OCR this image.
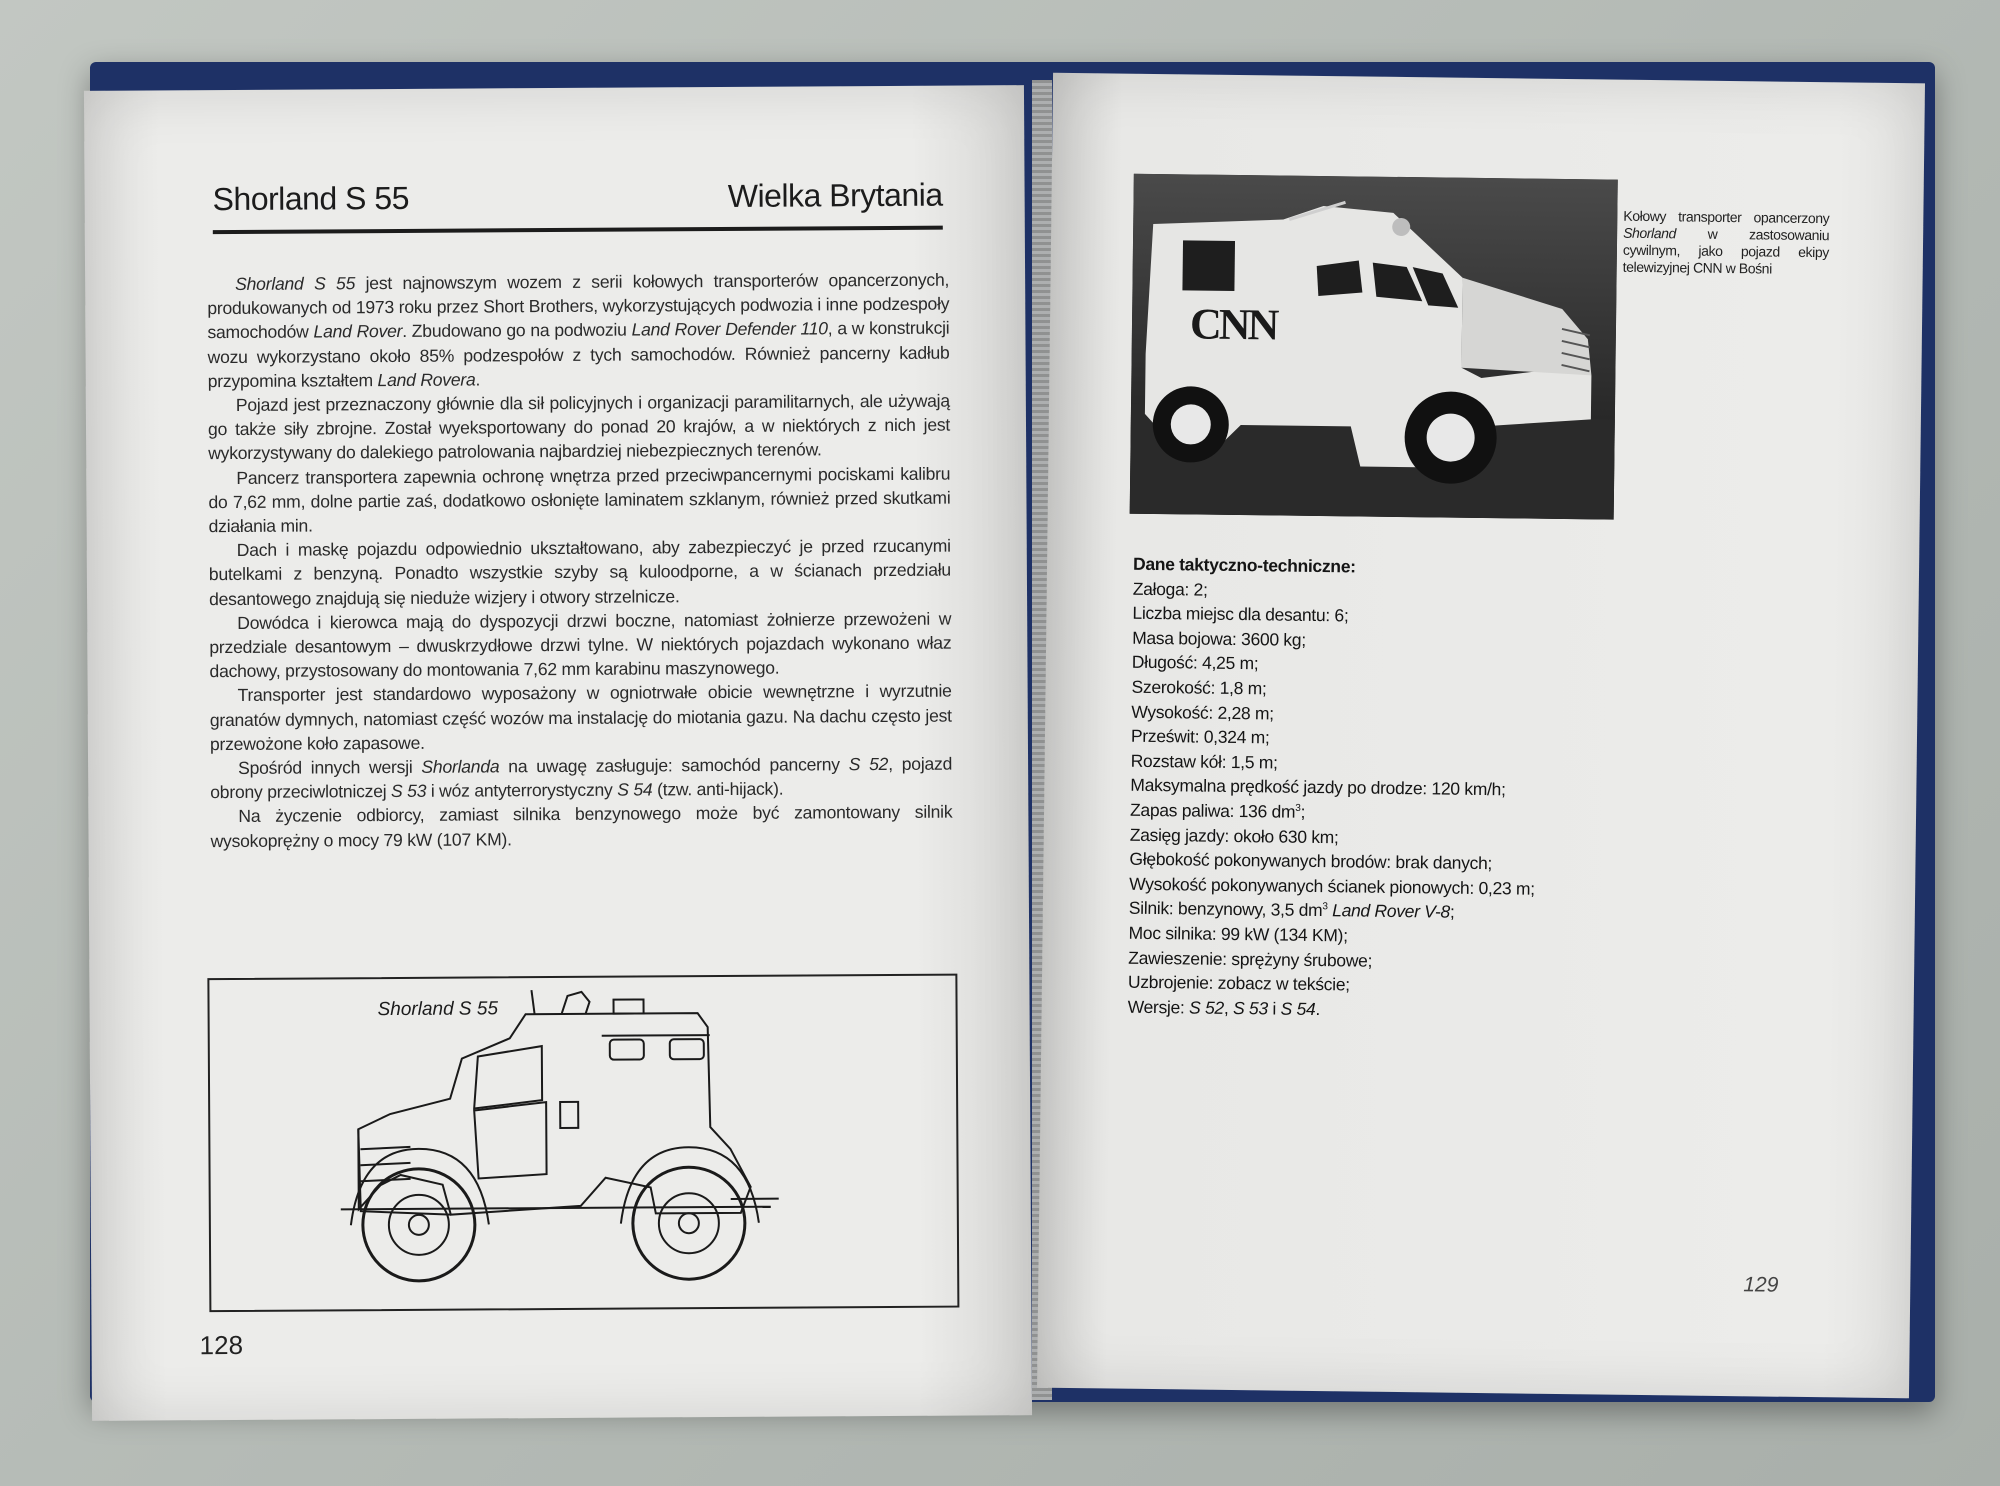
Shorland S 55	Wielka Brytania

Shorland S 55 jest najnowszym wozem z serii kołowych transporterów opancerzonych, produkowanych od 1973 roku przez Short Brothers, wykorzystujących podwozia i inne podzespoły samochodów Land Rover. Zbudowano go na podwoziu Land Rover Defender 110, a w konstrukcji wozu wykorzystano około 85% podzespołów z tych samochodów. Również pancerny kadłub przypomina kształtem Land Rovera.

Pojazd jest przeznaczony głównie dla sił policyjnych i organizacji paramilitarnych, ale używają go także siły zbrojne. Został wyeksportowany do ponad 20 krajów, a w niektórych z nich jest wykorzystywany do dalekiego patrolowania najbardziej niebezpiecznych terenów.

Pancerz transportera zapewnia ochronę wnętrza przed przeciwpancernymi pociskami kalibru do 7,62 mm, dolne partie zaś, dodatkowo osłonięte laminatem szklanym, również przed skutkami działania min.

Dach i maskę pojazdu odpowiednio ukształtowano, aby zabezpieczyć je przed rzucanymi butelkami z benzyną. Ponadto wszystkie szyby są kuloodporne, a w ścianach przedziału desantowego znajdują się nieduże wizjery i otwory strzelnicze.

Dowódca i kierowca mają do dyspozycji drzwi boczne, natomiast żołnierze przewożeni w przedziale desantowym – dwuskrzydłowe drzwi tylne. W niektórych pojazdach wykonano właz dachowy, przystosowany do montowania 7,62 mm karabinu maszynowego.

Transporter jest standardowo wyposażony w ogniotrwałe obicie wewnętrzne i wyrzutnie granatów dymnych, natomiast część wozów ma instalację do miotania gazu. Na dachu często jest przewożone koło zapasowe.

Spośród innych wersji Shorlanda na uwagę zasługuje: samochód pancerny S 52, pojazd obrony przeciwlotniczej S 53 i wóz antyterrorystyczny S 54 (tzw. anti-hijack).

Na życzenie odbiorcy, zamiast silnika benzynowego może być zamontowany silnik wysokoprężny o mocy 79 kW (107 KM).

Shorland S 55
128
CNN
Kołowy transporter opancerzony Shorland w zastosowaniu cywilnym, jako pojazd ekipy telewizyjnej CNN w Bośni
Dane taktyczno-techniczne:
Załoga: 2;
Liczba miejsc dla desantu: 6;
Masa bojowa: 3600 kg;
Długość: 4,25 m;
Szerokość: 1,8 m;
Wysokość: 2,28 m;
Prześwit: 0,324 m;
Rozstaw kół: 1,5 m;
Maksymalna prędkość jazdy po drodze: 120 km/h;
Zapas paliwa: 136 $dm^3$;
Zasięg jazdy: około 630 km;
Głębokość pokonywanych brodów: brak danych;
Wysokość pokonywanych ścianek pionowych: 0,23 m;
Silnik: benzynowy, 3,5 $dm^3$ Land Rover V-8;
Moc silnika: 99 kW (134 KM);
Zawieszenie: sprężyny śrubowe;
Uzbrojenie: zobacz w tekście;
Wersje: S 52, S 53 i S 54.
129
